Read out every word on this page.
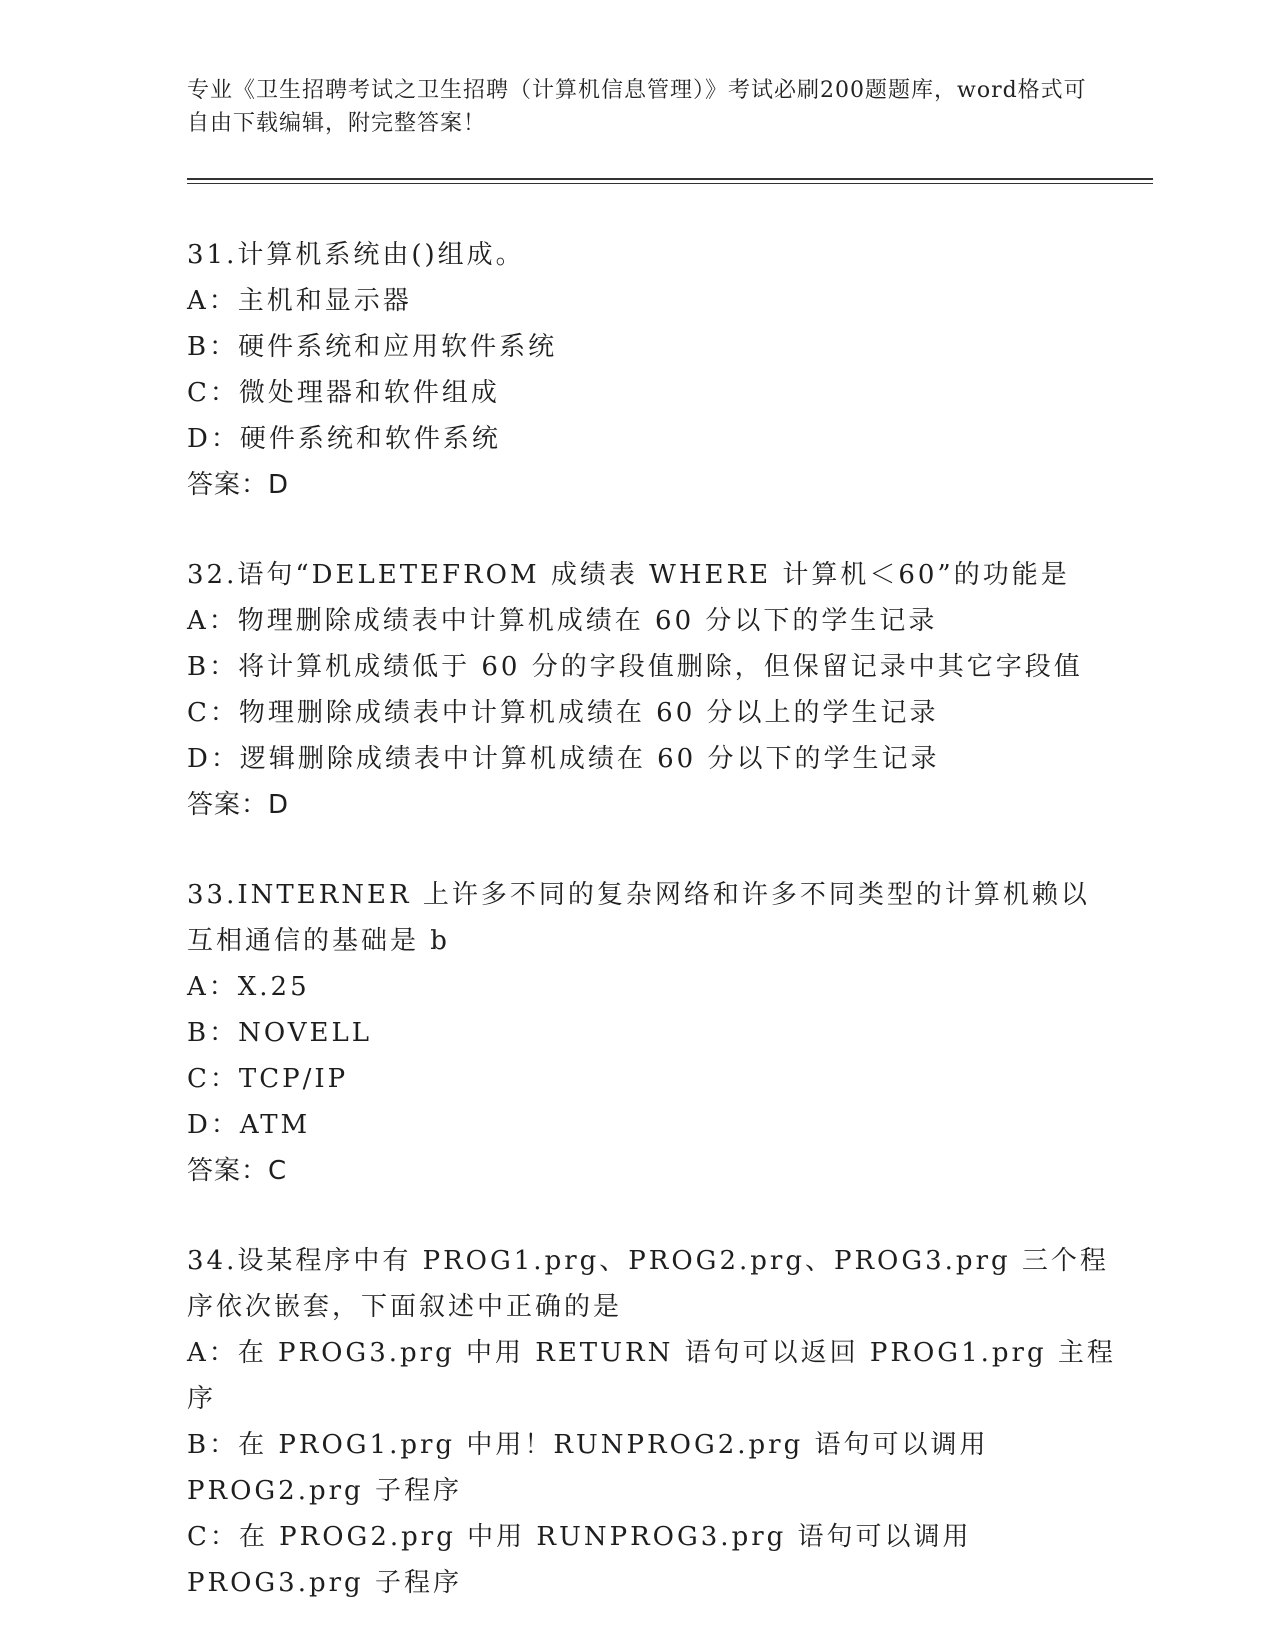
专业《卫生招聘考试之卫生招聘（计算机信息管理）》考试必刷200题题库，word格式可自由下载编辑，附完整答案！
31.计算机系统由()组成。
A：主机和显示器
B：硬件系统和应用软件系统
C：微处理器和软件组成
D：硬件系统和软件系统
答案：D
32.语句“DELETEFROM 成绩表 WHERE 计算机＜60”的功能是
A：物理删除成绩表中计算机成绩在 60 分以下的学生记录
B：将计算机成绩低于 60 分的字段值删除，但保留记录中其它字段值
C：物理删除成绩表中计算机成绩在 60 分以上的学生记录
D：逻辑删除成绩表中计算机成绩在 60 分以下的学生记录
答案：D
33.INTERNER 上许多不同的复杂网络和许多不同类型的计算机赖以互相通信的基础是 b
A：X.25
B：NOVELL
C：TCP/IP
D：ATM
答案：C
34.设某程序中有 PROG1.prg、PROG2.prg、PROG3.prg 三个程序依次嵌套，下面叙述中正确的是
A：在 PROG3.prg 中用 RETURN 语句可以返回 PROG1.prg 主程序
B：在 PROG1.prg 中用！RUNPROG2.prg 语句可以调用 PROG2.prg 子程序
C：在 PROG2.prg 中用 RUNPROG3.prg 语句可以调用 PROG3.prg 子程序
